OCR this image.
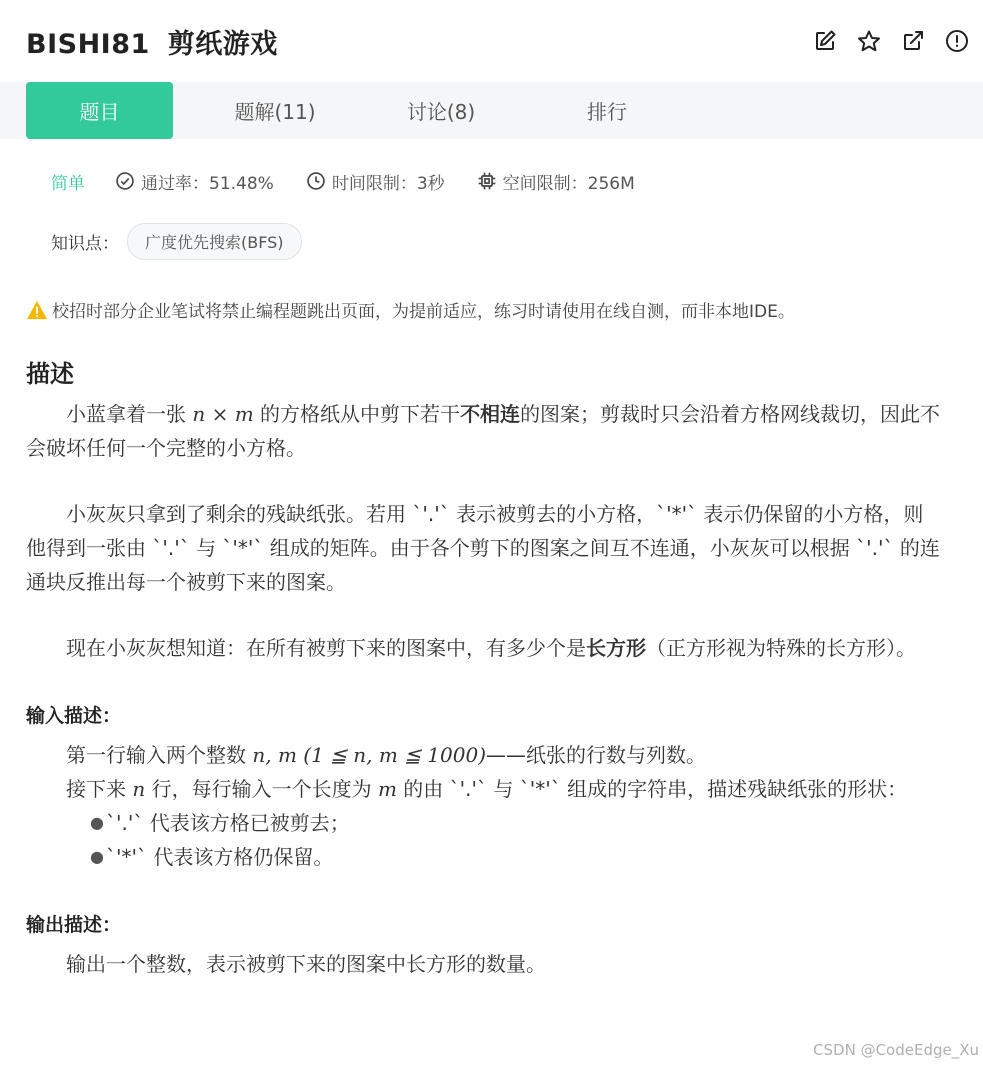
BISHI81 剪纸游戏
题目	题解(11)	讨论(8)	排行
简单	通过率：51.48%	时间限制：3秒	空间限制：256M
知识点：	广度优先搜索(BFS)
校招时部分企业笔试将禁止编程题跳出页面，为提前适应，练习时请使用在线自测，而非本地IDE。
描述

小蓝拿着一张 n × m 的方格纸从中剪下若干不相连的图案；剪裁时只会沿着方格网线裁切，因此不会破坏任何一个完整的小方格。

小灰灰只拿到了剩余的残缺纸张。若用 `'.'` 表示被剪去的小方格，`'*'` 表示仍保留的小方格，则他得到一张由 `'.'` 与 `'*'` 组成的矩阵。由于各个剪下的图案之间互不连通，小灰灰可以根据 `'.'` 的连通块反推出每一个被剪下来的图案。

现在小灰灰想知道：在所有被剪下来的图案中，有多少个是长方形（正方形视为特殊的长方形）。

输入描述：

第一行输入两个整数 n, m (1 ≦ n, m ≦ 1000)——纸张的行数与列数。

接下来 n 行，每行输入一个长度为 m 的由 `'.'` 与 `'*'` 组成的字符串，描述残缺纸张的形状：

● `'.'` 代表该方格已被剪去；
● `'*'` 代表该方格仍保留。
输出描述：

输出一个整数，表示被剪下来的图案中长方形的数量。

CSDN @CodeEdge_Xu
